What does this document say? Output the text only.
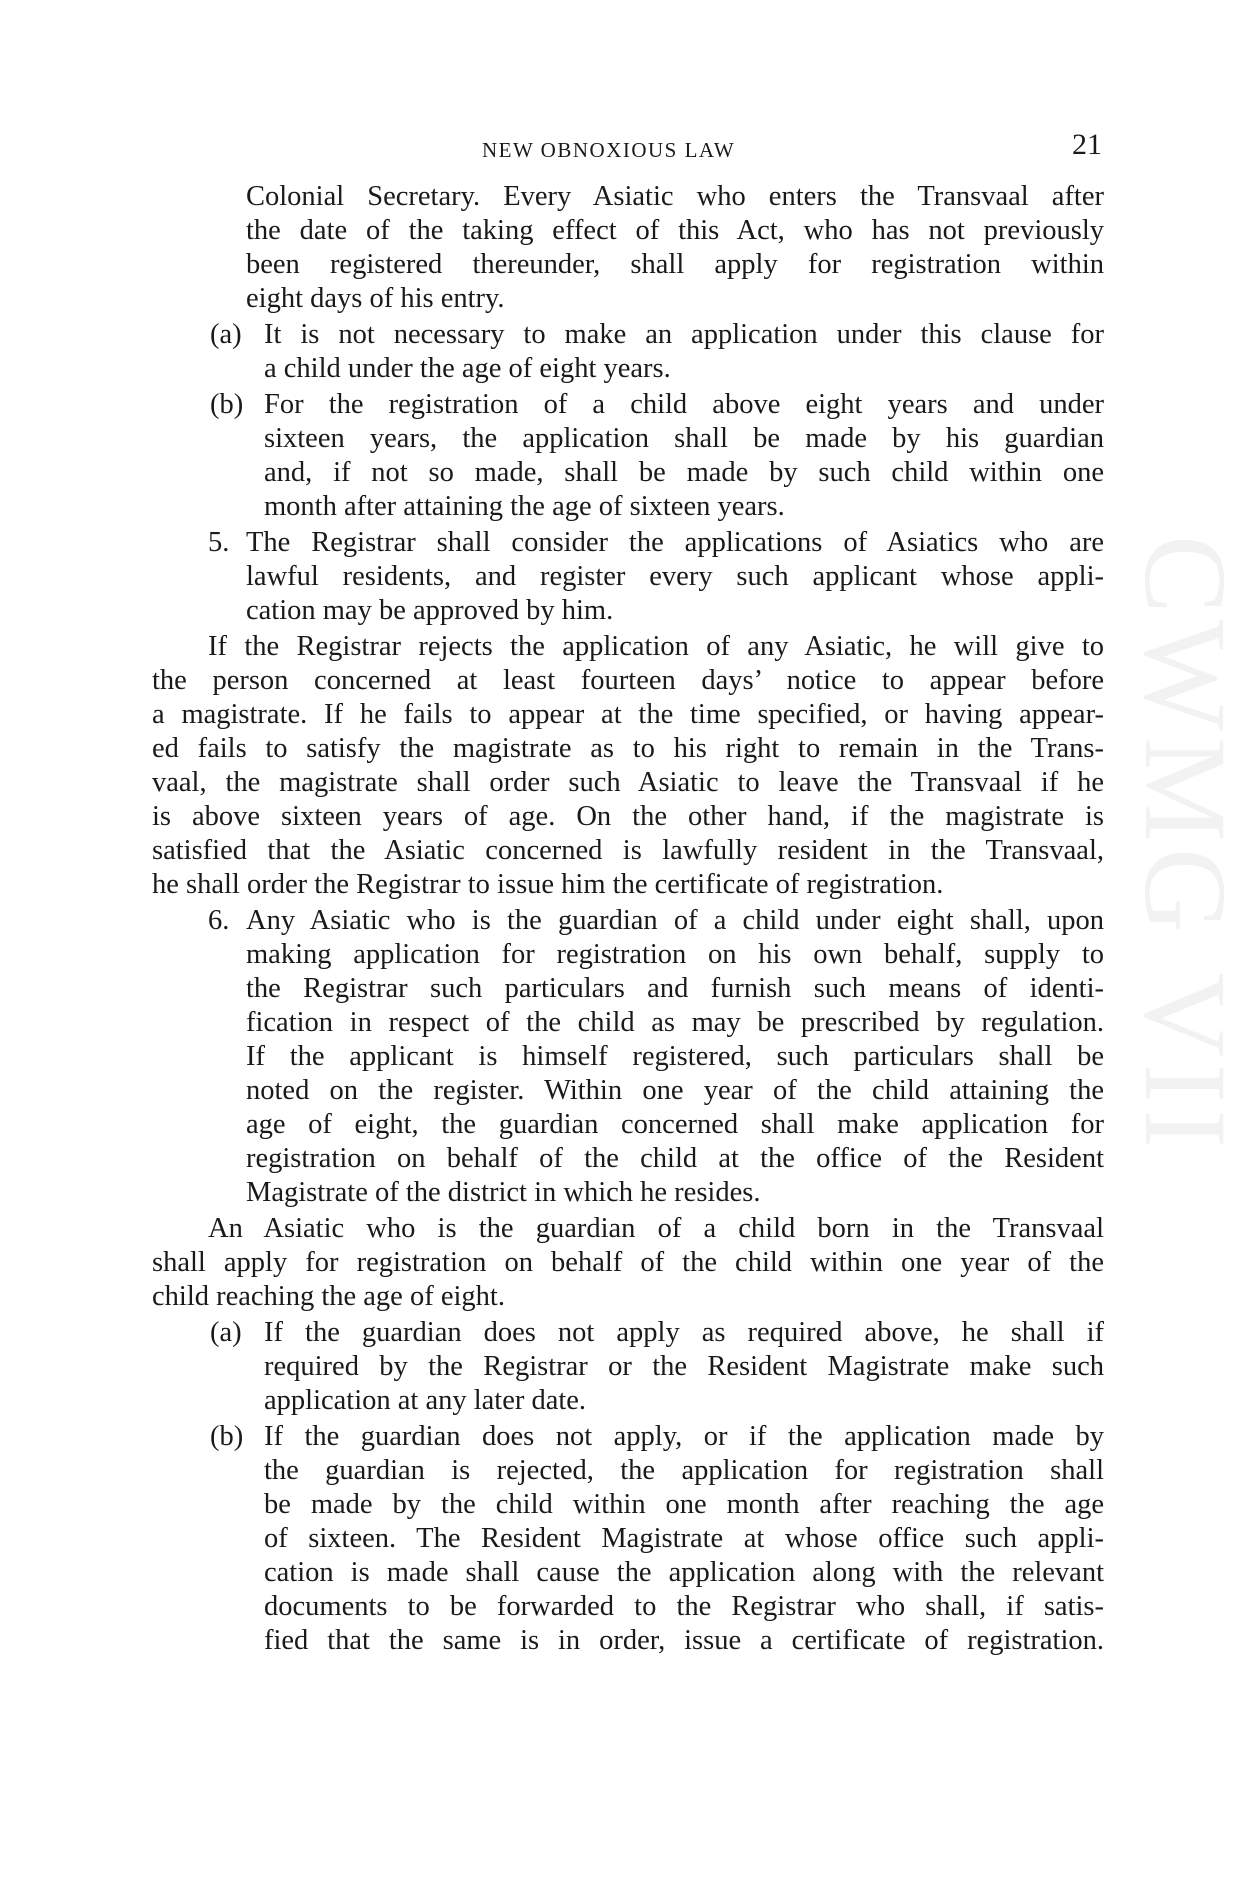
CWMG VII
NEW OBNOXIOUS LAW	21
Colonial Secretary. Every Asiatic who enters the Transvaal after
the date of the taking effect of this Act, who has not previously
been registered thereunder, shall apply for registration within
eight days of his entry.
(a) It is not necessary to make an application under this clause for
a child under the age of eight years.
(b) For the registration of a child above eight years and under
sixteen years, the application shall be made by his guardian
and, if not so made, shall be made by such child within one
month after attaining the age of sixteen years.
5. The Registrar shall consider the applications of Asiatics who are
lawful residents, and register every such applicant whose appli-
cation may be approved by him.
If the Registrar rejects the application of any Asiatic, he will give to
the person concerned at least fourteen days’ notice to appear before
a magistrate. If he fails to appear at the time specified, or having appear-
ed fails to satisfy the magistrate as to his right to remain in the Trans-
vaal, the magistrate shall order such Asiatic to leave the Transvaal if he
is above sixteen years of age. On the other hand, if the magistrate is
satisfied that the Asiatic concerned is lawfully resident in the Transvaal,
he shall order the Registrar to issue him the certificate of registration.
6. Any Asiatic who is the guardian of a child under eight shall, upon
making application for registration on his own behalf, supply to
the Registrar such particulars and furnish such means of identi-
fication in respect of the child as may be prescribed by regulation.
If the applicant is himself registered, such particulars shall be
noted on the register. Within one year of the child attaining the
age of eight, the guardian concerned shall make application for
registration on behalf of the child at the office of the Resident
Magistrate of the district in which he resides.
An Asiatic who is the guardian of a child born in the Transvaal
shall apply for registration on behalf of the child within one year of the
child reaching the age of eight.
(a) If the guardian does not apply as required above, he shall if
required by the Registrar or the Resident Magistrate make such
application at any later date.
(b) If the guardian does not apply, or if the application made by
the guardian is rejected, the application for registration shall
be made by the child within one month after reaching the age
of sixteen. The Resident Magistrate at whose office such appli-
cation is made shall cause the application along with the relevant
documents to be forwarded to the Registrar who shall, if satis-
fied that the same is in order, issue a certificate of registration.
